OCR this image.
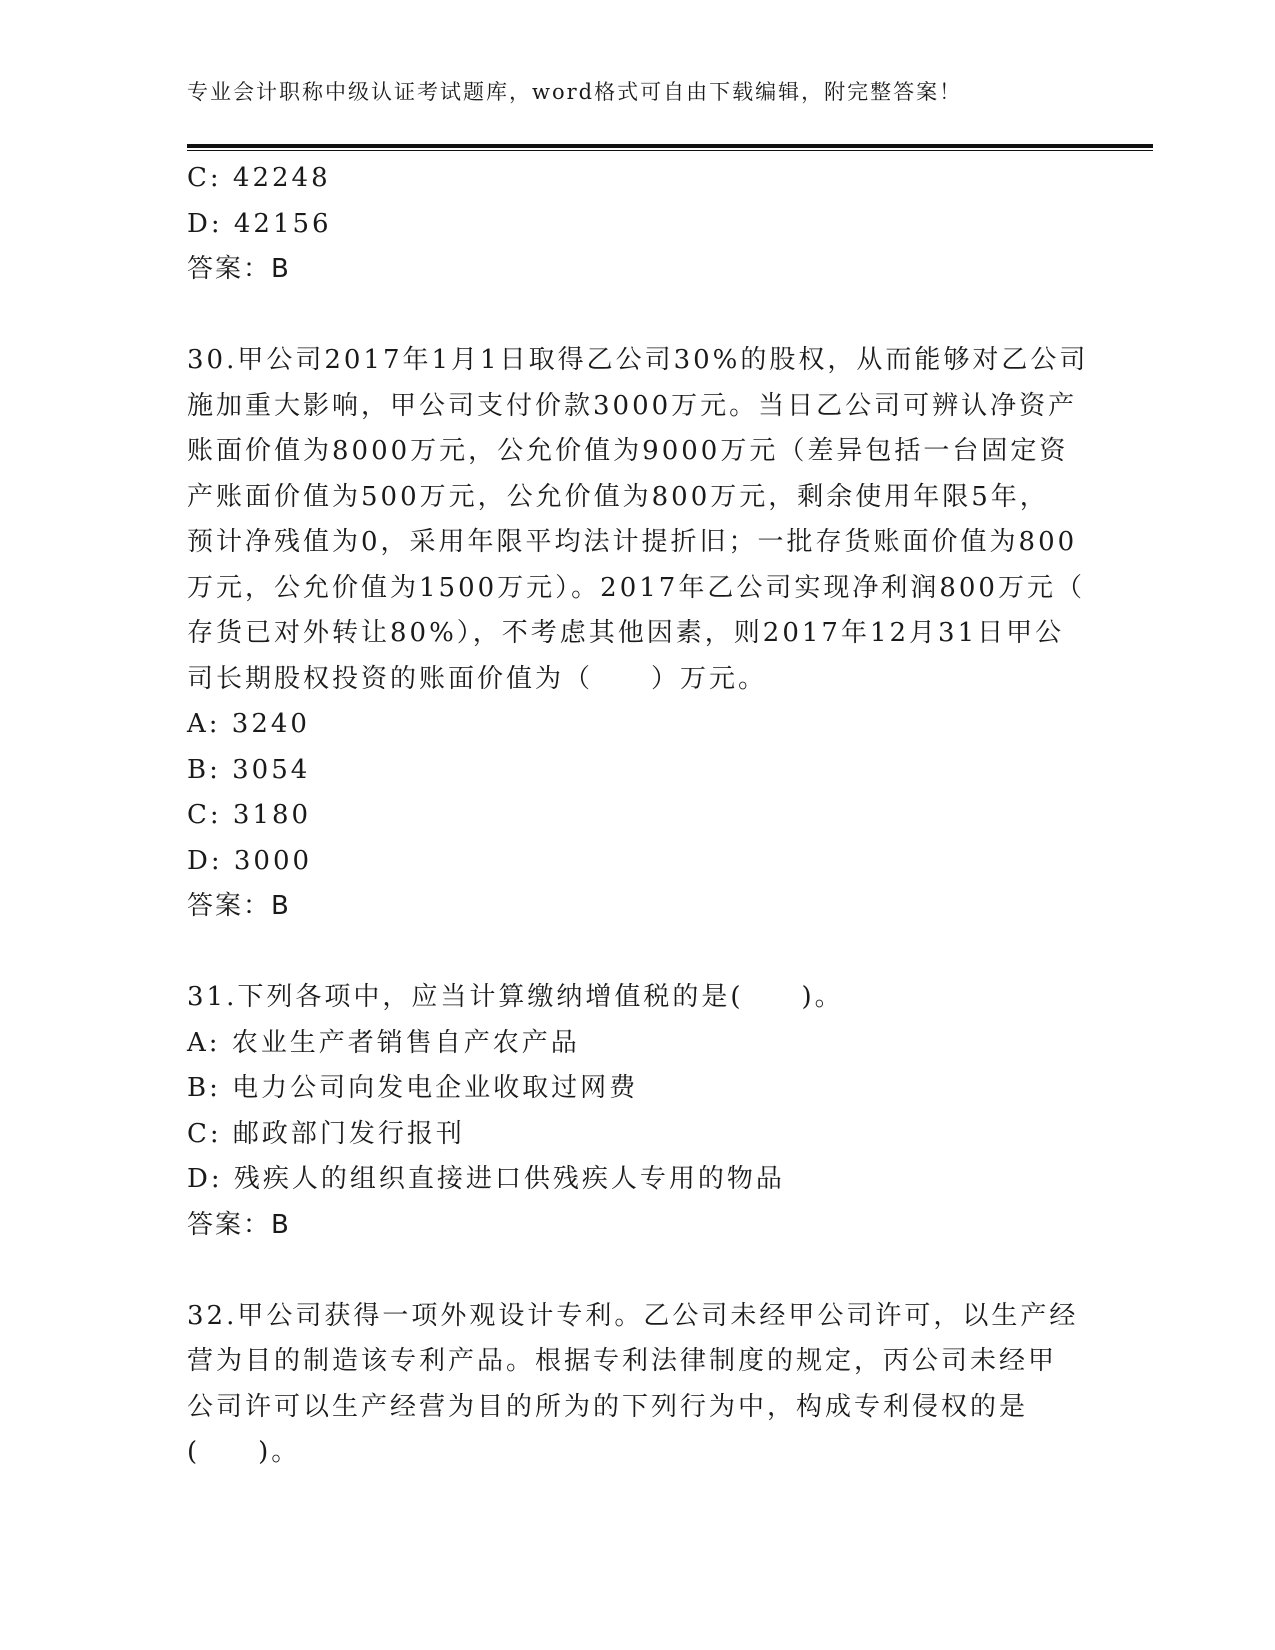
专业会计职称中级认证考试题库，word格式可自由下载编辑，附完整答案！
C: 42248
D: 42156
答案：B
30.甲公司2017年1月1日取得乙公司30%的股权，从而能够对乙公司
施加重大影响，甲公司支付价款3000万元。当日乙公司可辨认净资产
账面价值为8000万元，公允价值为9000万元（差异包括一台固定资
产账面价值为500万元，公允价值为800万元，剩余使用年限5年，
预计净残值为0，采用年限平均法计提折旧；一批存货账面价值为800
万元，公允价值为1500万元）。2017年乙公司实现净利润800万元（
存货已对外转让80%），不考虑其他因素，则2017年12月31日甲公
司长期股权投资的账面价值为（　　）万元。
A: 3240
B: 3054
C: 3180
D: 3000
答案：B
31.下列各项中，应当计算缴纳增值税的是(　　)。
A: 农业生产者销售自产农产品
B: 电力公司向发电企业收取过网费
C: 邮政部门发行报刊
D: 残疾人的组织直接进口供残疾人专用的物品
答案：B
32.甲公司获得一项外观设计专利。乙公司未经甲公司许可，以生产经
营为目的制造该专利产品。根据专利法律制度的规定，丙公司未经甲
公司许可以生产经营为目的所为的下列行为中，构成专利侵权的是
(　　)。
